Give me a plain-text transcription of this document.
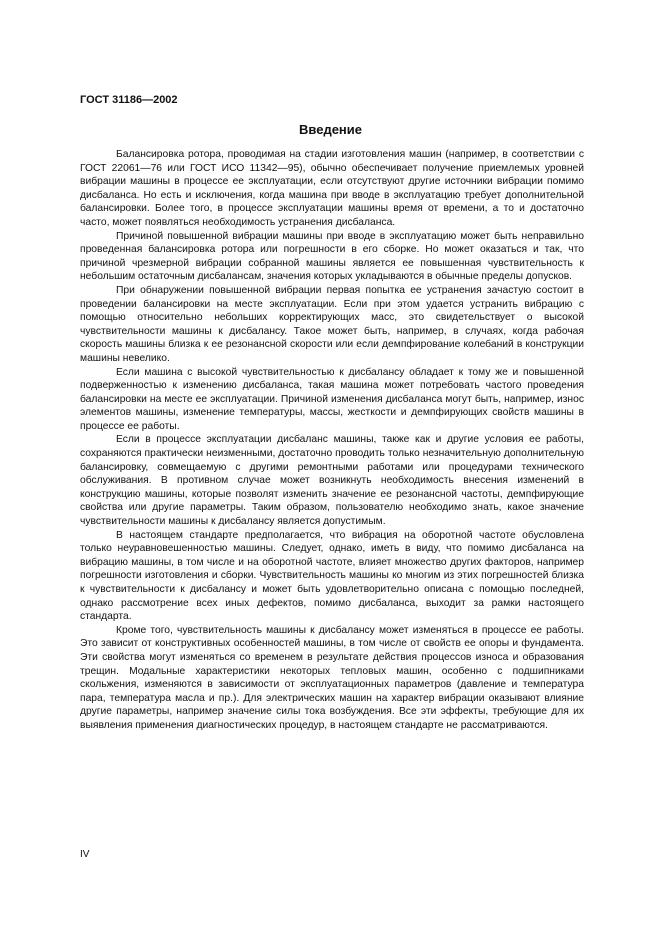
ГОСТ 31186—2002
Введение

Балансировка ротора, проводимая на стадии изготовления машин (например, в соответствии с ГОСТ 22061—76 или ГОСТ ИСО 11342—95), обычно обеспечивает получение приемлемых уровней вибрации машины в процессе ее эксплуатации, если отсутствуют другие источники вибрации помимо дисбаланса. Но есть и исключения, когда машина при вводе в эксплуатацию требует дополнительной балансировки. Более того, в процессе эксплуатации машины время от времени, а то и достаточно часто, может появляться необходимость устранения дисбаланса.

Причиной повышенной вибрации машины при вводе в эксплуатацию может быть неправильно проведенная балансировка ротора или погрешности в его сборке. Но может оказаться и так, что причиной чрезмерной вибрации собранной машины является ее повышенная чувствительность к небольшим остаточным дисбалансам, значения которых укладываются в обычные пределы допусков.

При обнаружении повышенной вибрации первая попытка ее устранения зачастую состоит в проведении балансировки на месте эксплуатации. Если при этом удается устранить вибрацию с помощью относительно небольших корректирующих масс, это свидетельствует о высокой чувствительности машины к дисбалансу. Такое может быть, например, в случаях, когда рабочая скорость машины близка к ее резонансной скорости или если демпфирование колебаний в конструкции машины невелико.

Если машина с высокой чувствительностью к дисбалансу обладает к тому же и повышенной подверженностью к изменению дисбаланса, такая машина может потребовать частого проведения балансировки на месте ее эксплуатации. Причиной изменения дисбаланса могут быть, например, износ элементов машины, изменение температуры, массы, жесткости и демпфирующих свойств машины в процессе ее работы.

Если в процессе эксплуатации дисбаланс машины, также как и другие условия ее работы, сохраняются практически неизменными, достаточно проводить только незначительную дополнительную балансировку, совмещаемую с другими ремонтными работами или процедурами технического обслуживания. В противном случае может возникнуть необходимость внесения изменений в конструкцию машины, которые позволят изменить значение ее резонансной частоты, демпфирующие свойства или другие параметры. Таким образом, пользователю необходимо знать, какое значение чувствительности машины к дисбалансу является допустимым.

В настоящем стандарте предполагается, что вибрация на оборотной частоте обусловлена только неуравновешенностью машины. Следует, однако, иметь в виду, что помимо дисбаланса на вибрацию машины, в том числе и на оборотной частоте, влияет множество других факторов, например погрешности изготовления и сборки. Чувствительность машины ко многим из этих погрешностей близка к чувствительности к дисбалансу и может быть удовлетворительно описана с помощью последней, однако рассмотрение всех иных дефектов, помимо дисбаланса, выходит за рамки настоящего стандарта.

Кроме того, чувствительность машины к дисбалансу может изменяться в процессе ее работы. Это зависит от конструктивных особенностей машины, в том числе от свойств ее опоры и фундамента. Эти свойства могут изменяться со временем в результате действия процессов износа и образования трещин. Модальные характеристики некоторых тепловых машин, особенно с подшипниками скольжения, изменяются в зависимости от эксплуатационных параметров (давление и температура пара, температура масла и пр.). Для электрических машин на характер вибрации оказывают влияние другие параметры, например значение силы тока возбуждения. Все эти эффекты, требующие для их выявления применения диагностических процедур, в настоящем стандарте не рассматриваются.

IV
